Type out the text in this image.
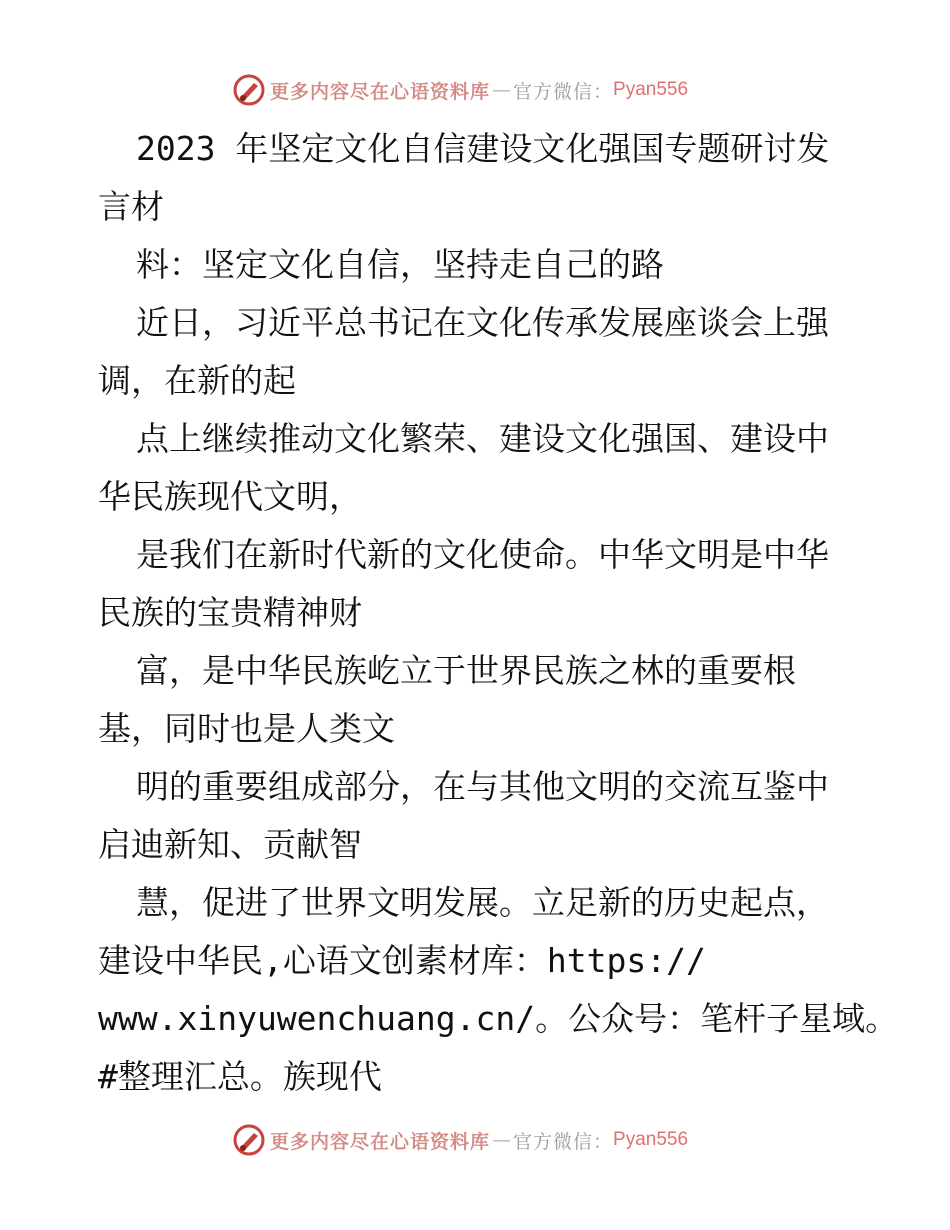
更多内容尽在心语资料库 — 官方微信： Pyan556
2023 年坚定文化自信建设文化强国专题研讨发
言材
料：坚定文化自信，坚持走自己的路
近日，习近平总书记在文化传承发展座谈会上强
调，在新的起
点上继续推动文化繁荣、建设文化强国、建设中
华民族现代文明，
是我们在新时代新的文化使命。中华文明是中华
民族的宝贵精神财
富，是中华民族屹立于世界民族之林的重要根
基，同时也是人类文
明的重要组成部分，在与其他文明的交流互鉴中
启迪新知、贡献智
慧，促进了世界文明发展。立足新的历史起点，
建设中华民,心语文创素材库：https://
www.xinyuwenchuang.cn/。公众号：笔杆子星域。
#整理汇总。族现代
更多内容尽在心语资料库 — 官方微信： Pyan556
